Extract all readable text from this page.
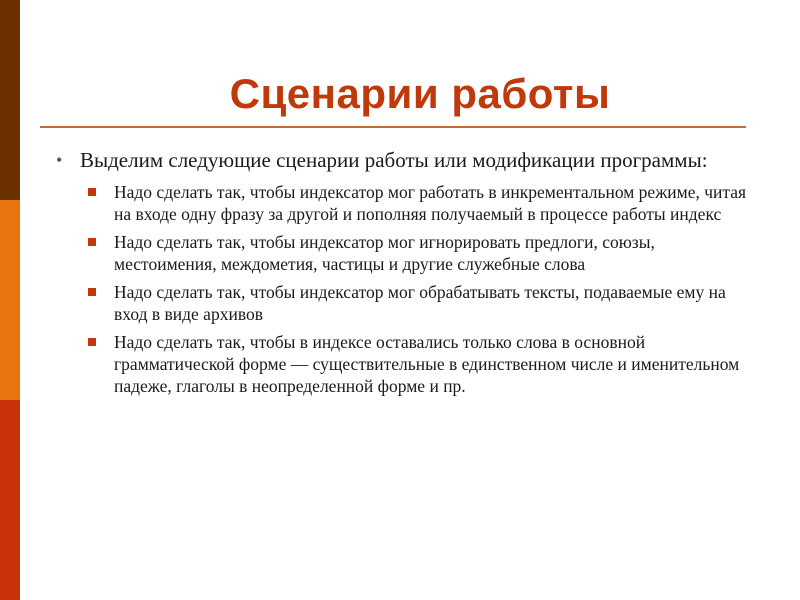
Сценарии работы
• Выделим следующие сценарии работы или модификации программы:
Надо сделать так, чтобы индексатор мог работать в инкрементальном режиме, читая на входе одну фразу за другой и пополняя получаемый в процессе работы индекс
Надо сделать так, чтобы индексатор мог игнорировать предлоги, союзы, местоимения, междометия, частицы и другие служебные слова
Надо сделать так, чтобы индексатор мог обрабатывать тексты, подаваемые ему на вход в виде архивов
Надо сделать так, чтобы в индексе оставались только слова в основной грамматической форме — существительные в единственном числе и именительном падеже, глаголы в неопределенной форме и пр.
